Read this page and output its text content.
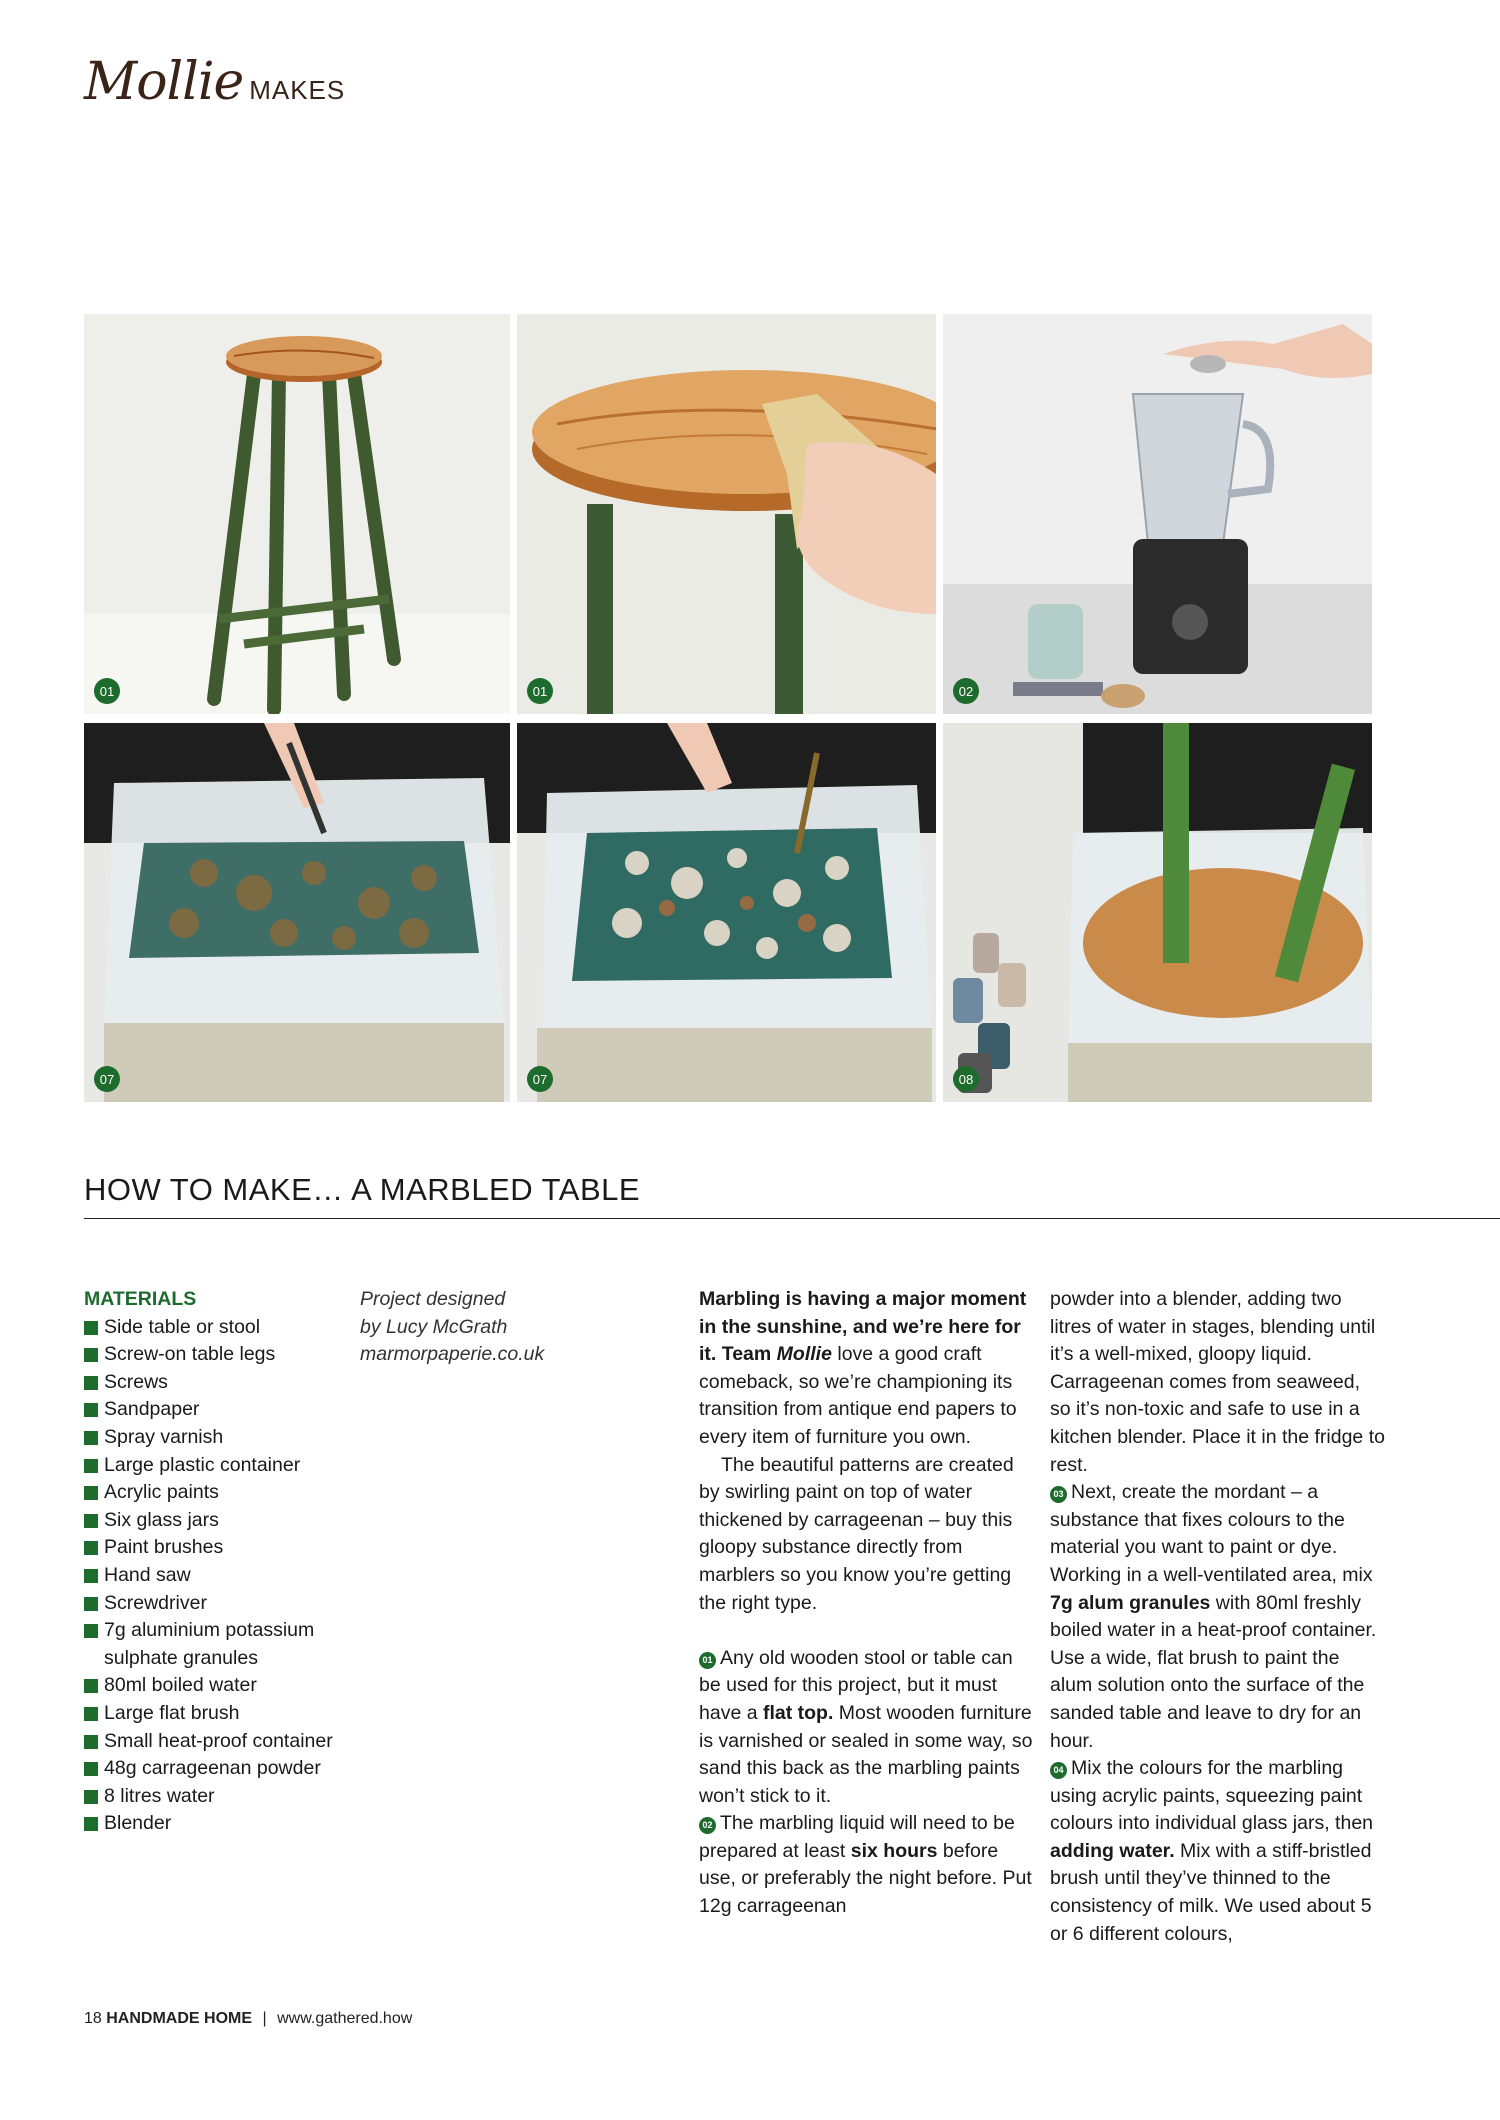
Mollie MAKES
01	01	02
07	07	08
HOW TO MAKE… A MARBLED TABLE
MATERIALS
Side table or stool
Screw-on table legs
Screws
Sandpaper
Spray varnish
Large plastic container
Acrylic paints
Six glass jars
Paint brushes
Hand saw
Screwdriver
7g aluminium potassium sulphate granules
80ml boiled water
Large flat brush
Small heat-proof container
48g carrageenan powder
8 litres water
Blender
Project designed
by Lucy McGrath
marmorpaperie.co.uk

Marbling is having a major moment in the sunshine, and we’re here for it. Team Mollie love a good craft comeback, so we’re championing its transition from antique end papers to every item of furniture you own.

The beautiful patterns are created by swirling paint on top of water thickened by carrageenan – buy this gloopy substance directly from marblers so you know you’re getting the right type.

01 Any old wooden stool or table can be used for this project, but it must have a flat top. Most wooden furniture is varnished or sealed in some way, so sand this back as the marbling paints won’t stick to it.

02 The marbling liquid will need to be prepared at least six hours before use, or preferably the night before. Put 12g carrageenan

powder into a blender, adding two litres of water in stages, blending until it’s a well-mixed, gloopy liquid. Carrageenan comes from seaweed, so it’s non-toxic and safe to use in a kitchen blender. Place it in the fridge to rest.

03 Next, create the mordant – a substance that fixes colours to the material you want to paint or dye. Working in a well-ventilated area, mix 7g alum granules with 80ml freshly boiled water in a heat-proof container. Use a wide, flat brush to paint the alum solution onto the surface of the sanded table and leave to dry for an hour.

04 Mix the colours for the marbling using acrylic paints, squeezing paint colours into individual glass jars, then adding water. Mix with a stiff-bristled brush until they’ve thinned to the consistency of milk. We used about 5 or 6 different colours,

18 HANDMADE HOME | www.gathered.how
